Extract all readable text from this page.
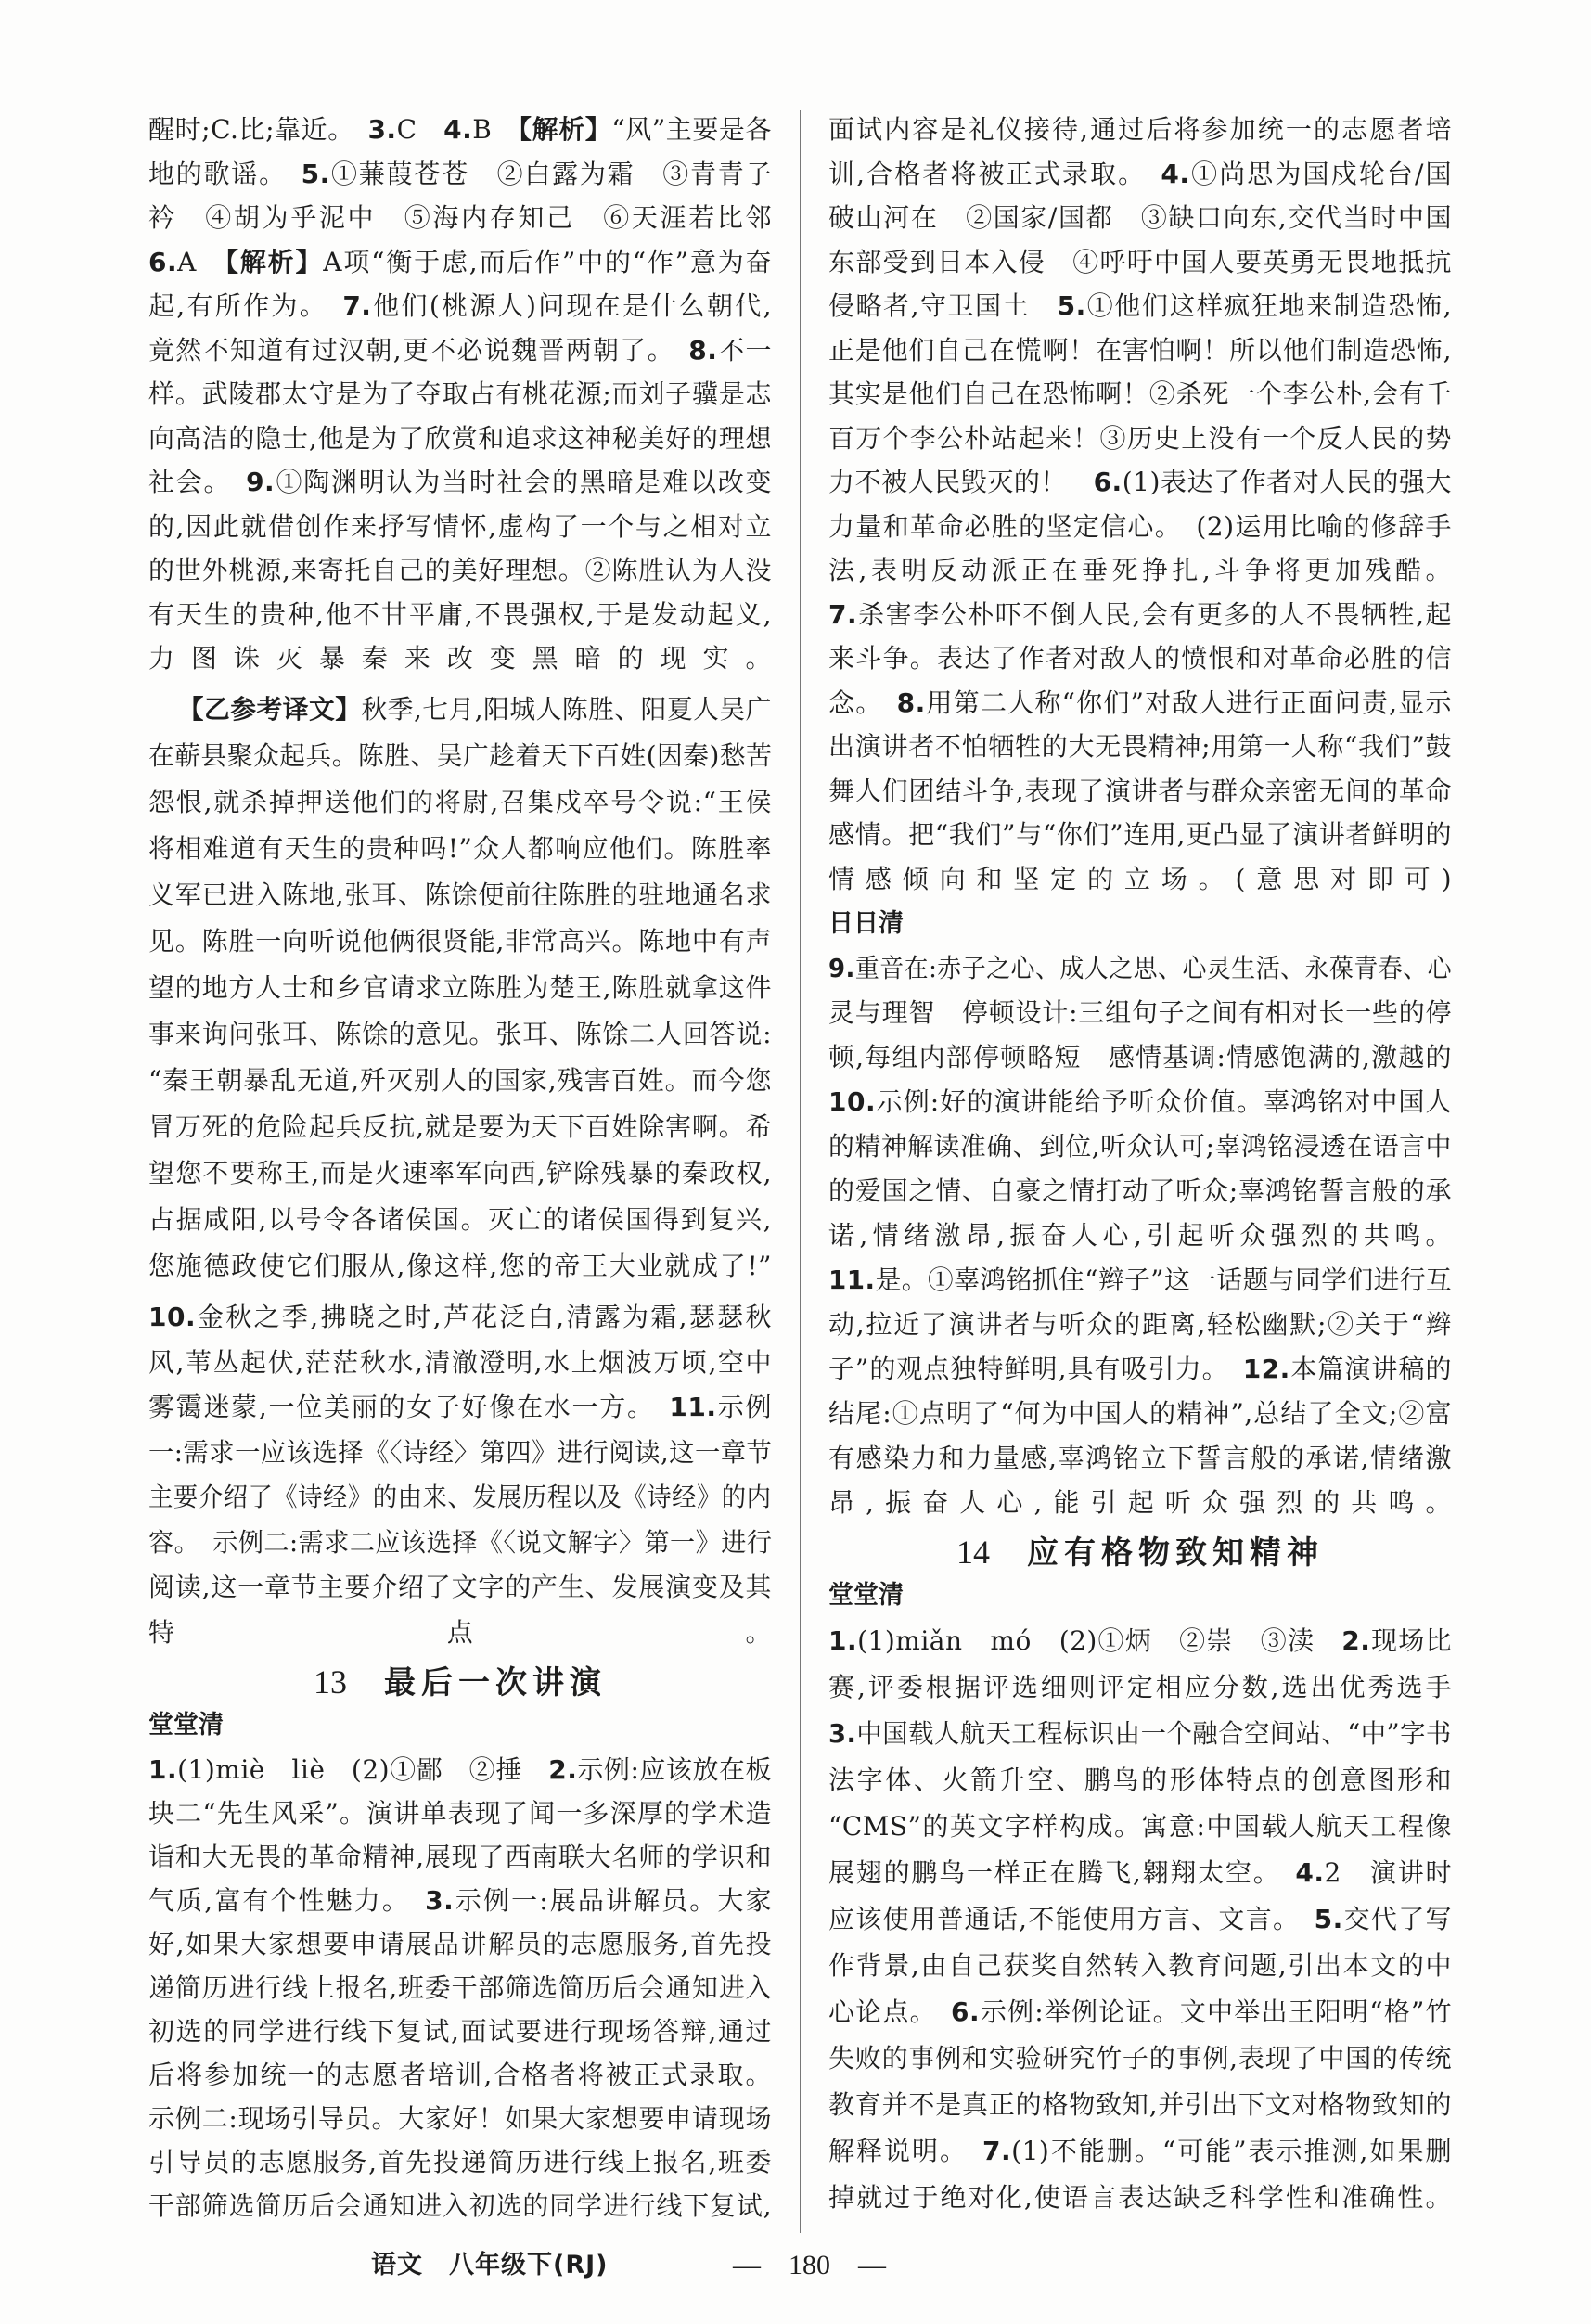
醒时;C.比;靠近。　3.C　4.B　【解析】“风”主要是各
地的歌谣。　5.①蒹葭苍苍　②白露为霜　③青青子
衿　④胡为乎泥中　⑤海内存知己　⑥天涯若比邻
6.A　【解析】A项“衡于虑,而后作”中的“作”意为奋
起,有所作为。　7.他们(桃源人)问现在是什么朝代,
竟然不知道有过汉朝,更不必说魏晋两朝了。　8.不一
样。武陵郡太守是为了夺取占有桃花源;而刘子骥是志
向高洁的隐士,他是为了欣赏和追求这神秘美好的理想
社会。　9.①陶渊明认为当时社会的黑暗是难以改变
的,因此就借创作来抒写情怀,虚构了一个与之相对立
的世外桃源,来寄托自己的美好理想。②陈胜认为人没
有天生的贵种,他不甘平庸,不畏强权,于是发动起义,
力图诛灭暴秦来改变黑暗的现实。
【乙参考译文】秋季,七月,阳城人陈胜、阳夏人吴广
在蕲县聚众起兵。陈胜、吴广趁着天下百姓(因秦)愁苦
怨恨,就杀掉押送他们的将尉,召集戍卒号令说:“王侯
将相难道有天生的贵种吗!”众人都响应他们。陈胜率
义军已进入陈地,张耳、陈馀便前往陈胜的驻地通名求
见。陈胜一向听说他俩很贤能,非常高兴。陈地中有声
望的地方人士和乡官请求立陈胜为楚王,陈胜就拿这件
事来询问张耳、陈馀的意见。张耳、陈馀二人回答说:
“秦王朝暴乱无道,歼灭别人的国家,残害百姓。而今您
冒万死的危险起兵反抗,就是要为天下百姓除害啊。希
望您不要称王,而是火速率军向西,铲除残暴的秦政权,
占据咸阳,以号令各诸侯国。灭亡的诸侯国得到复兴,
您施德政使它们服从,像这样,您的帝王大业就成了!”
10.金秋之季,拂晓之时,芦花泛白,清露为霜,瑟瑟秋
风,苇丛起伏,茫茫秋水,清澈澄明,水上烟波万顷,空中
雾霭迷蒙,一位美丽的女子好像在水一方。　11.示例
一:需求一应该选择《〈诗经〉第四》进行阅读,这一章节
主要介绍了《诗经》的由来、发展历程以及《诗经》的内
容。　示例二:需求二应该选择《〈说文解字〉第一》进行
阅读,这一章节主要介绍了文字的产生、发展演变及其
特点。
13 最后一次讲演
堂堂清
1.(1)miè　liè　(2)①鄙　②捶　2.示例:应该放在板
块二“先生风采”。演讲单表现了闻一多深厚的学术造
诣和大无畏的革命精神,展现了西南联大名师的学识和
气质,富有个性魅力。　3.示例一:展品讲解员。大家
好,如果大家想要申请展品讲解员的志愿服务,首先投
递简历进行线上报名,班委干部筛选简历后会通知进入
初选的同学进行线下复试,面试要进行现场答辩,通过
后将参加统一的志愿者培训,合格者将被正式录取。
示例二:现场引导员。大家好！如果大家想要申请现场
引导员的志愿服务,首先投递简历进行线上报名,班委
干部筛选简历后会通知进入初选的同学进行线下复试,
面试内容是礼仪接待,通过后将参加统一的志愿者培
训,合格者将被正式录取。　4.①尚思为国戍轮台/国
破山河在　②国家/国都　③缺口向东,交代当时中国
东部受到日本入侵　④呼吁中国人要英勇无畏地抵抗
侵略者,守卫国土　5.①他们这样疯狂地来制造恐怖,
正是他们自己在慌啊！在害怕啊！所以他们制造恐怖,
其实是他们自己在恐怖啊！②杀死一个李公朴,会有千
百万个李公朴站起来！③历史上没有一个反人民的势
力不被人民毁灭的！　6.(1)表达了作者对人民的强大
力量和革命必胜的坚定信心。　(2)运用比喻的修辞手
法,表明反动派正在垂死挣扎,斗争将更加残酷。
7.杀害李公朴吓不倒人民,会有更多的人不畏牺牲,起
来斗争。表达了作者对敌人的愤恨和对革命必胜的信
念。　8.用第二人称“你们”对敌人进行正面问责,显示
出演讲者不怕牺牲的大无畏精神;用第一人称“我们”鼓
舞人们团结斗争,表现了演讲者与群众亲密无间的革命
感情。把“我们”与“你们”连用,更凸显了演讲者鲜明的
情感倾向和坚定的立场。(意思对即可)
日日清
9.重音在:赤子之心、成人之思、心灵生活、永葆青春、心
灵与理智　停顿设计:三组句子之间有相对长一些的停
顿,每组内部停顿略短　感情基调:情感饱满的,激越的
10.示例:好的演讲能给予听众价值。辜鸿铭对中国人
的精神解读准确、到位,听众认可;辜鸿铭浸透在语言中
的爱国之情、自豪之情打动了听众;辜鸿铭誓言般的承
诺,情绪激昂,振奋人心,引起听众强烈的共鸣。
11.是。①辜鸿铭抓住“辫子”这一话题与同学们进行互
动,拉近了演讲者与听众的距离,轻松幽默;②关于“辫
子”的观点独特鲜明,具有吸引力。　12.本篇演讲稿的
结尾:①点明了“何为中国人的精神”,总结了全文;②富
有感染力和力量感,辜鸿铭立下誓言般的承诺,情绪激
昂,振奋人心,能引起听众强烈的共鸣。
14 应有格物致知精神
堂堂清
1.(1)miǎn　mó　(2)①炳　②崇　③渎　2.现场比
赛,评委根据评选细则评定相应分数,选出优秀选手
3.中国载人航天工程标识由一个融合空间站、“中”字书
法字体、火箭升空、鹏鸟的形体特点的创意图形和
“CMS”的英文字样构成。寓意:中国载人航天工程像
展翅的鹏鸟一样正在腾飞,翱翔太空。　4.2　演讲时
应该使用普通话,不能使用方言、文言。　5.交代了写
作背景,由自己获奖自然转入教育问题,引出本文的中
心论点。　6.示例:举例论证。文中举出王阳明“格”竹
失败的事例和实验研究竹子的事例,表现了中国的传统
教育并不是真正的格物致知,并引出下文对格物致知的
解释说明。　7.(1)不能删。“可能”表示推测,如果删
掉就过于绝对化,使语言表达缺乏科学性和准确性。
语文　八年级下(RJ)	—　180　—
